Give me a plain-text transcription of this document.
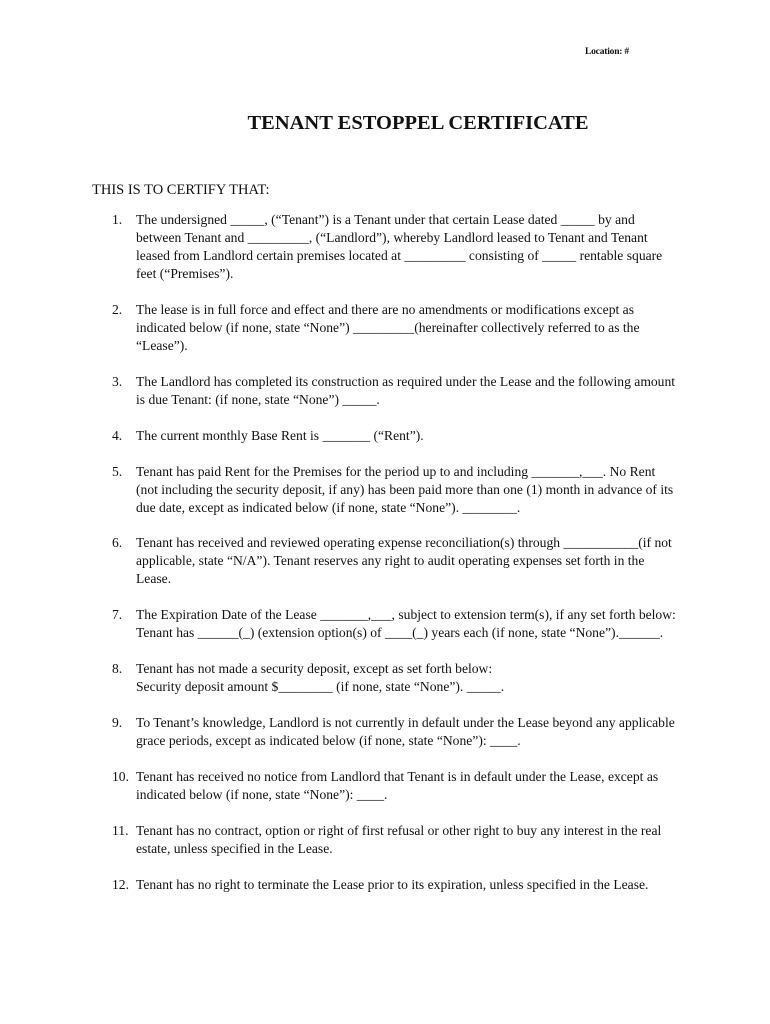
Location: #
TENANT ESTOPPEL CERTIFICATE
THIS IS TO CERTIFY THAT:
1. The undersigned _____, (“Tenant”) is a Tenant under that certain Lease dated _____ by and between Tenant and _________, (“Landlord”), whereby Landlord leased to Tenant and Tenant leased from Landlord certain premises located at _________ consisting of _____ rentable square feet (“Premises”).
2. The lease is in full force and effect and there are no amendments or modifications except as indicated below (if none, state “None”) _________(hereinafter collectively referred to as the “Lease”).
3. The Landlord has completed its construction as required under the Lease and the following amount is due Tenant: (if none, state “None”) _____.
4. The current monthly Base Rent is _______ (“Rent”).
5. Tenant has paid Rent for the Premises for the period up to and including _______,___. No Rent (not including the security deposit, if any) has been paid more than one (1) month in advance of its due date, except as indicated below (if none, state “None”). ________.
6. Tenant has received and reviewed operating expense reconciliation(s) through ___________(if not applicable, state “N/A”). Tenant reserves any right to audit operating expenses set forth in the Lease.
7. The Expiration Date of the Lease _______,___, subject to extension term(s), if any set forth below:
Tenant has ______(_) (extension option(s) of ____(_) years each (if none, state “None”).______.
8. Tenant has not made a security deposit, except as set forth below:
Security deposit amount $________ (if none, state “None”). _____.
9. To Tenant’s knowledge, Landlord is not currently in default under the Lease beyond any applicable grace periods, except as indicated below (if none, state “None”): ____.
10. Tenant has received no notice from Landlord that Tenant is in default under the Lease, except as indicated below (if none, state “None”): ____.
11. Tenant has no contract, option or right of first refusal or other right to buy any interest in the real estate, unless specified in the Lease.
12. Tenant has no right to terminate the Lease prior to its expiration, unless specified in the Lease.
